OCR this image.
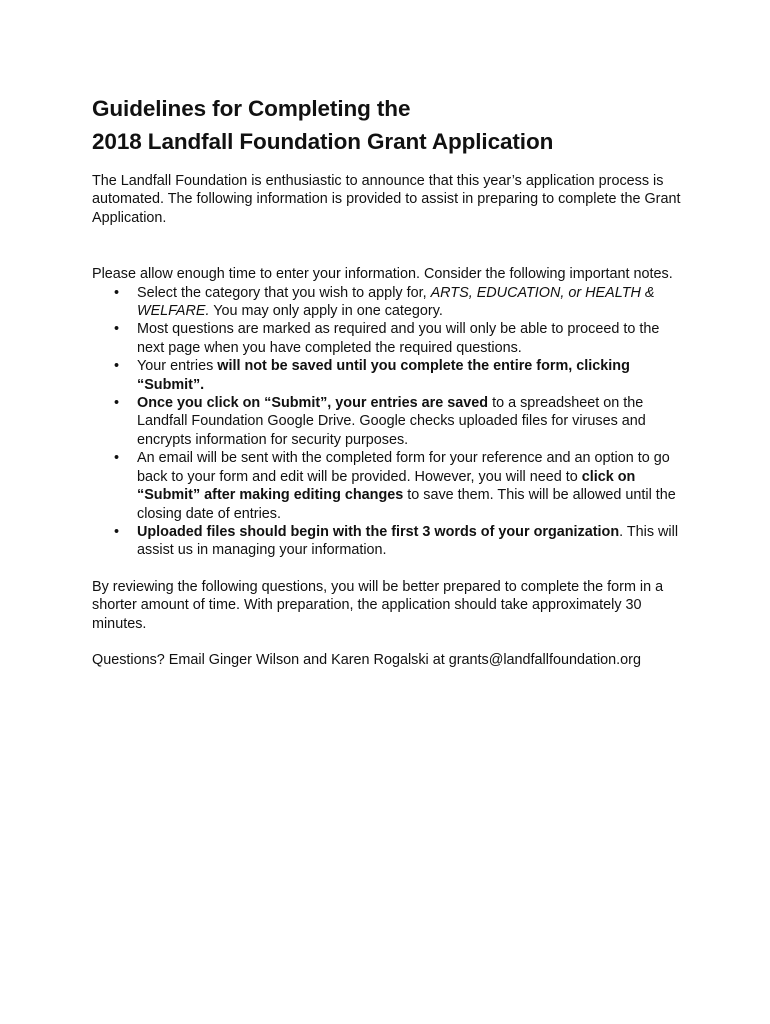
Guidelines for Completing the
2018 Landfall Foundation Grant Application

The Landfall Foundation is enthusiastic to announce that this year’s application process is automated. The following information is provided to assist in preparing to complete the Grant Application.

Please allow enough time to enter your information. Consider the following important notes.

• Select the category that you wish to apply for, ARTS, EDUCATION, or HEALTH & WELFARE. You may only apply in one category.
• Most questions are marked as required and you will only be able to proceed to the next page when you have completed the required questions.
• Your entries will not be saved until you complete the entire form, clicking “Submit”.
• Once you click on “Submit”, your entries are saved to a spreadsheet on the Landfall Foundation Google Drive. Google checks uploaded files for viruses and encrypts information for security purposes.
• An email will be sent with the completed form for your reference and an option to go back to your form and edit will be provided. However, you will need to click on “Submit” after making editing changes to save them. This will be allowed until the closing date of entries.
• Uploaded files should begin with the first 3 words of your organization. This will assist us in managing your information.

By reviewing the following questions, you will be better prepared to complete the form in a shorter amount of time. With preparation, the application should take approximately 30 minutes.

Questions? Email Ginger Wilson and Karen Rogalski at grants@landfallfoundation.org
